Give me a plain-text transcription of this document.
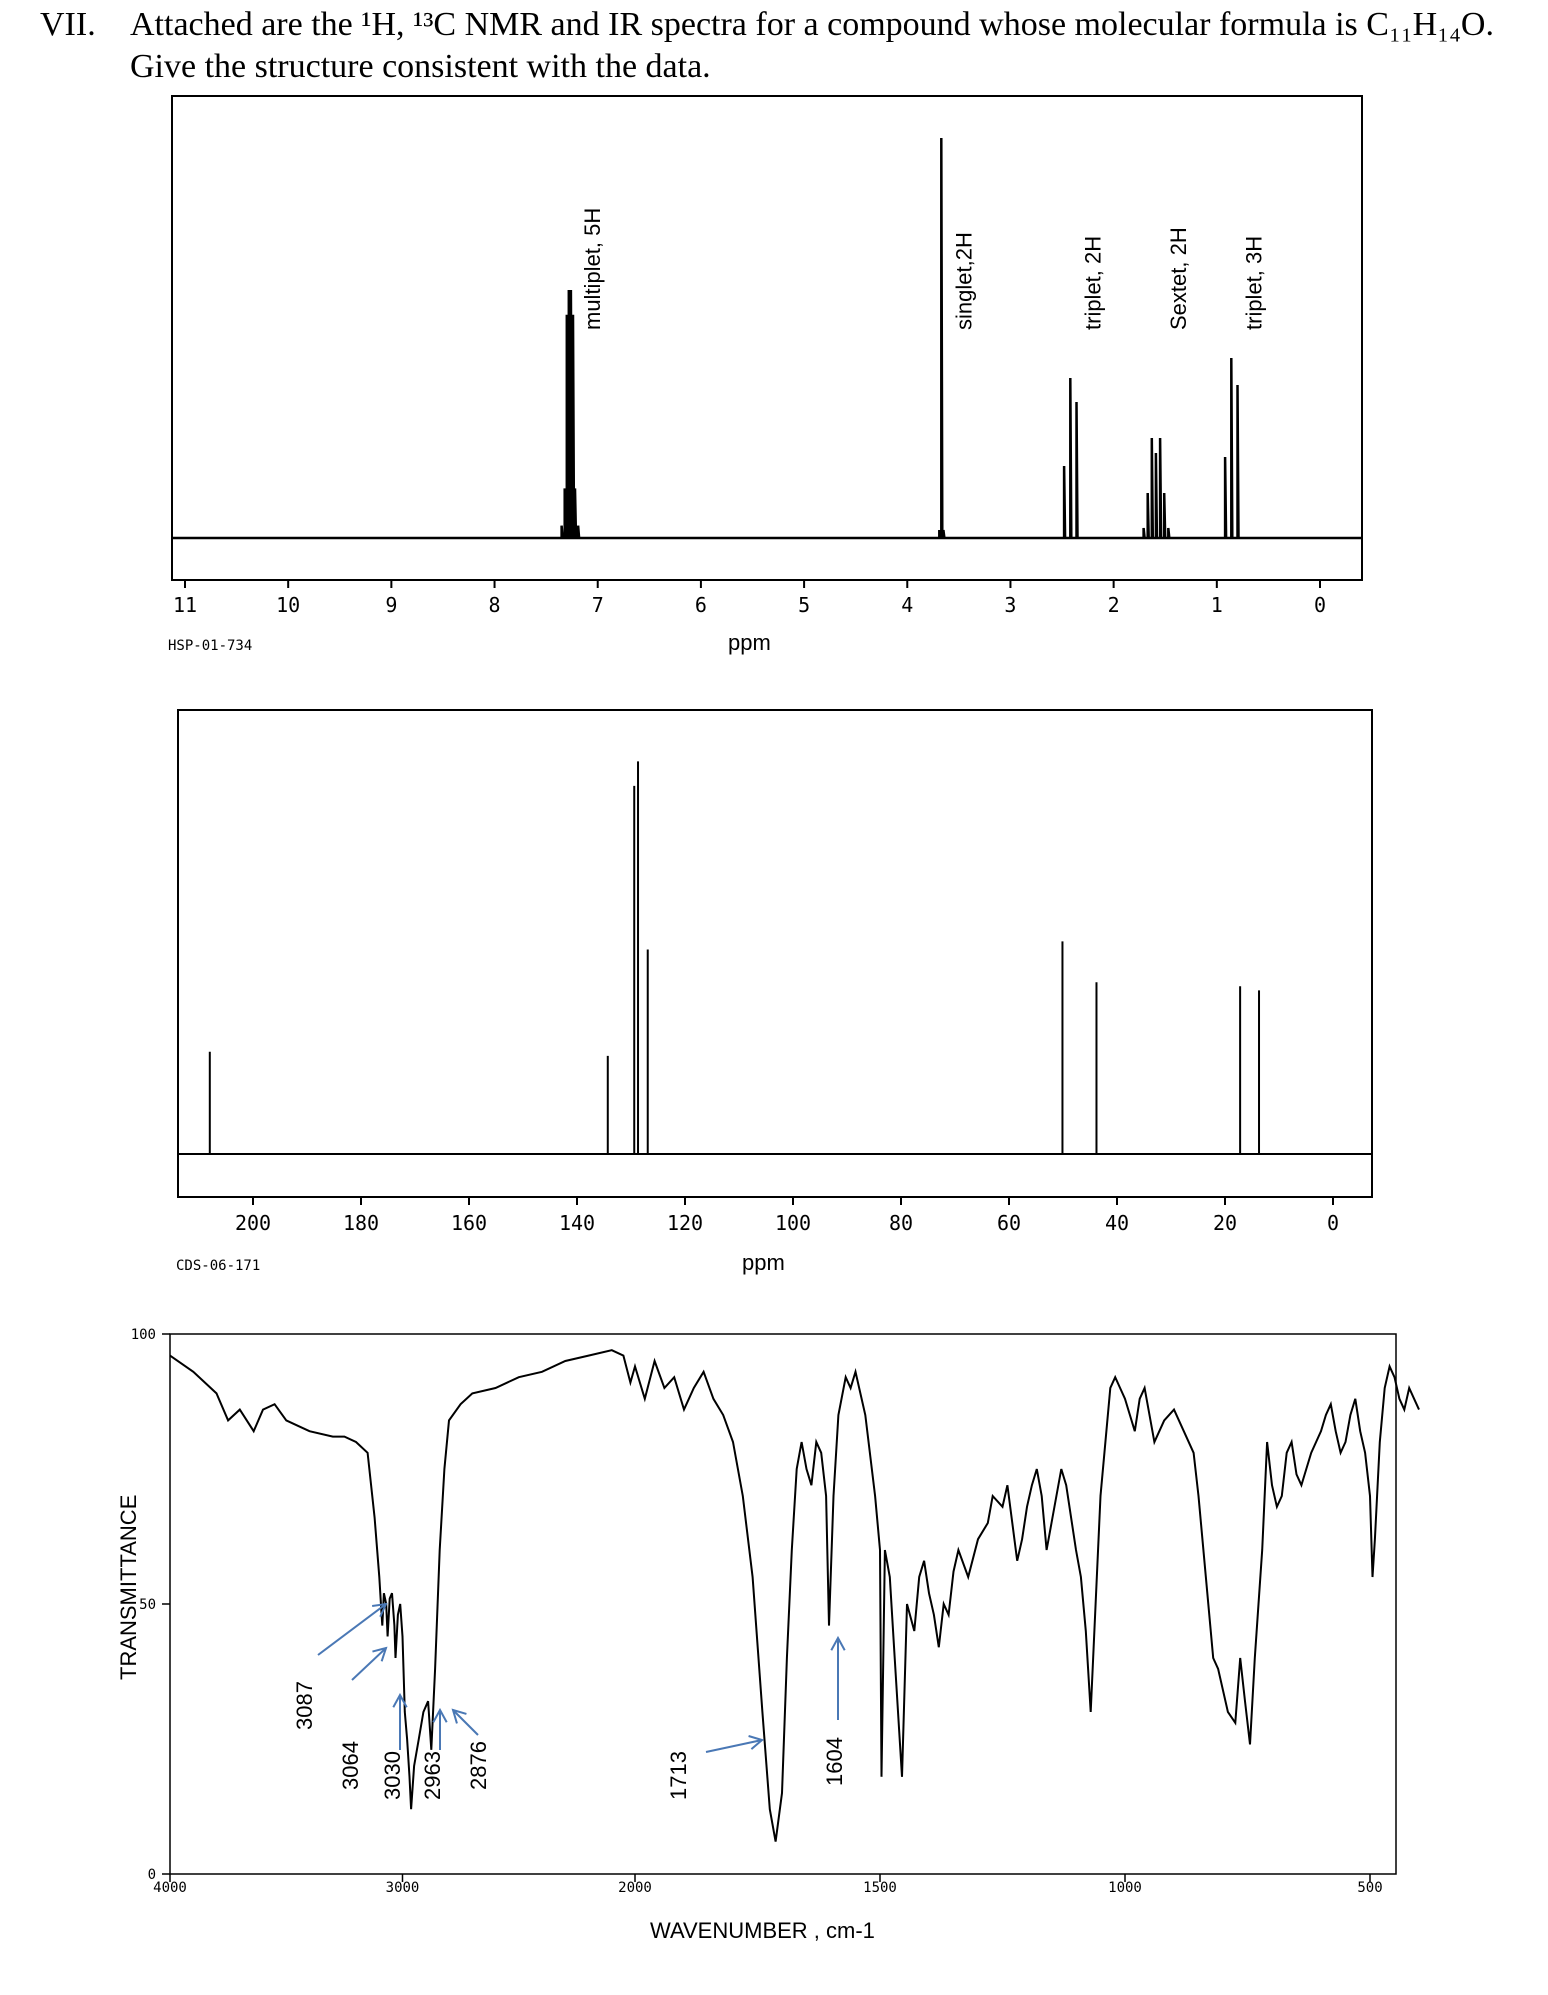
VII. Attached are the ¹H, ¹³C NMR and IR spectra for a compound whose molecular formula is C₁₁H₁₄O.
Give the structure consistent with the data.
11	10	9	8	7	6	5	4	3	2	1	0
multiplet, 5H	singlet,2H	triplet, 2H	Sextet, 2H triplet, 3H
ppm
HSP-01-734
200	180	160	140	120	100	80	60	40	20	0
ppm
CDS-06-171
4000	3000	2000	1500	1000	500
100
50
0
3087
3064 3030 2963 2876	1713	1604
WAVENUMBER , cm-1
TRANSMITTANCE
